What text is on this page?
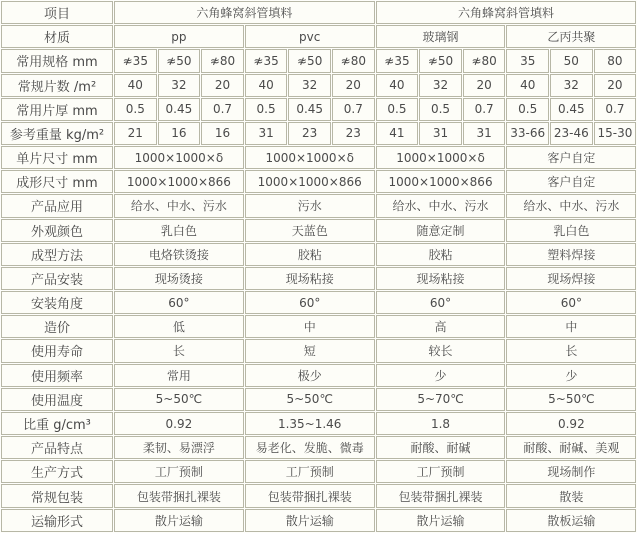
项目	六角蜂窝斜管填料						六角蜂窝斜管填料					
材质	pp			pvc			玻璃钢			乙丙共聚		
常用规格 mm	≉35	≉50	≉80	≉35	≉50	≉80	≉35	≉50	≉80	35	50	80
常规片数 /m²	40	32	20	40	32	20	40	32	20	40	32	20
常用片厚 mm	0.5	0.45	0.7	0.5	0.45	0.7	0.5	0.5	0.7	0.5	0.45	0.7
参考重量 kg/m²	21	16	16	31	23	23	41	31	31	33-66	23-46	15-30
单片尺寸 mm	1000×1000×δ			1000×1000×δ			1000×1000×δ			客户自定		
成形尺寸 mm	1000×1000×866			1000×1000×866			1000×1000×866			客户自定		
产品应用	给水、中水、污水			污水			给水、中水、污水			给水、中水、污水		
外观颜色	乳白色			天蓝色			随意定制			乳白色		
成型方法	电烙铁烫接			胶粘			胶粘			塑料焊接		
产品安装	现场烫接			现场粘接			现场粘接			现场焊接		
安装角度	60°			60°			60°			60°		
造价	低			中			高			中		
使用寿命	长			短			较长			长		
使用频率	常用			极少			少			少		
使用温度	5~50℃			5~50℃			5~70℃			5~50℃		
比重 g/cm³	0.92			1.35~1.46			1.8			0.92		
产品特点	柔韧、易漂浮			易老化、发脆、微毒			耐酸、耐碱			耐酸、耐碱、美观		
生产方式	工厂预制			工厂预制			工厂预制			现场制作		
常规包装	包装带捆扎裸装			包装带捆扎裸装			包装带捆扎裸装			散装		
运输形式	散片运输			散片运输			散片运输			散板运输		
